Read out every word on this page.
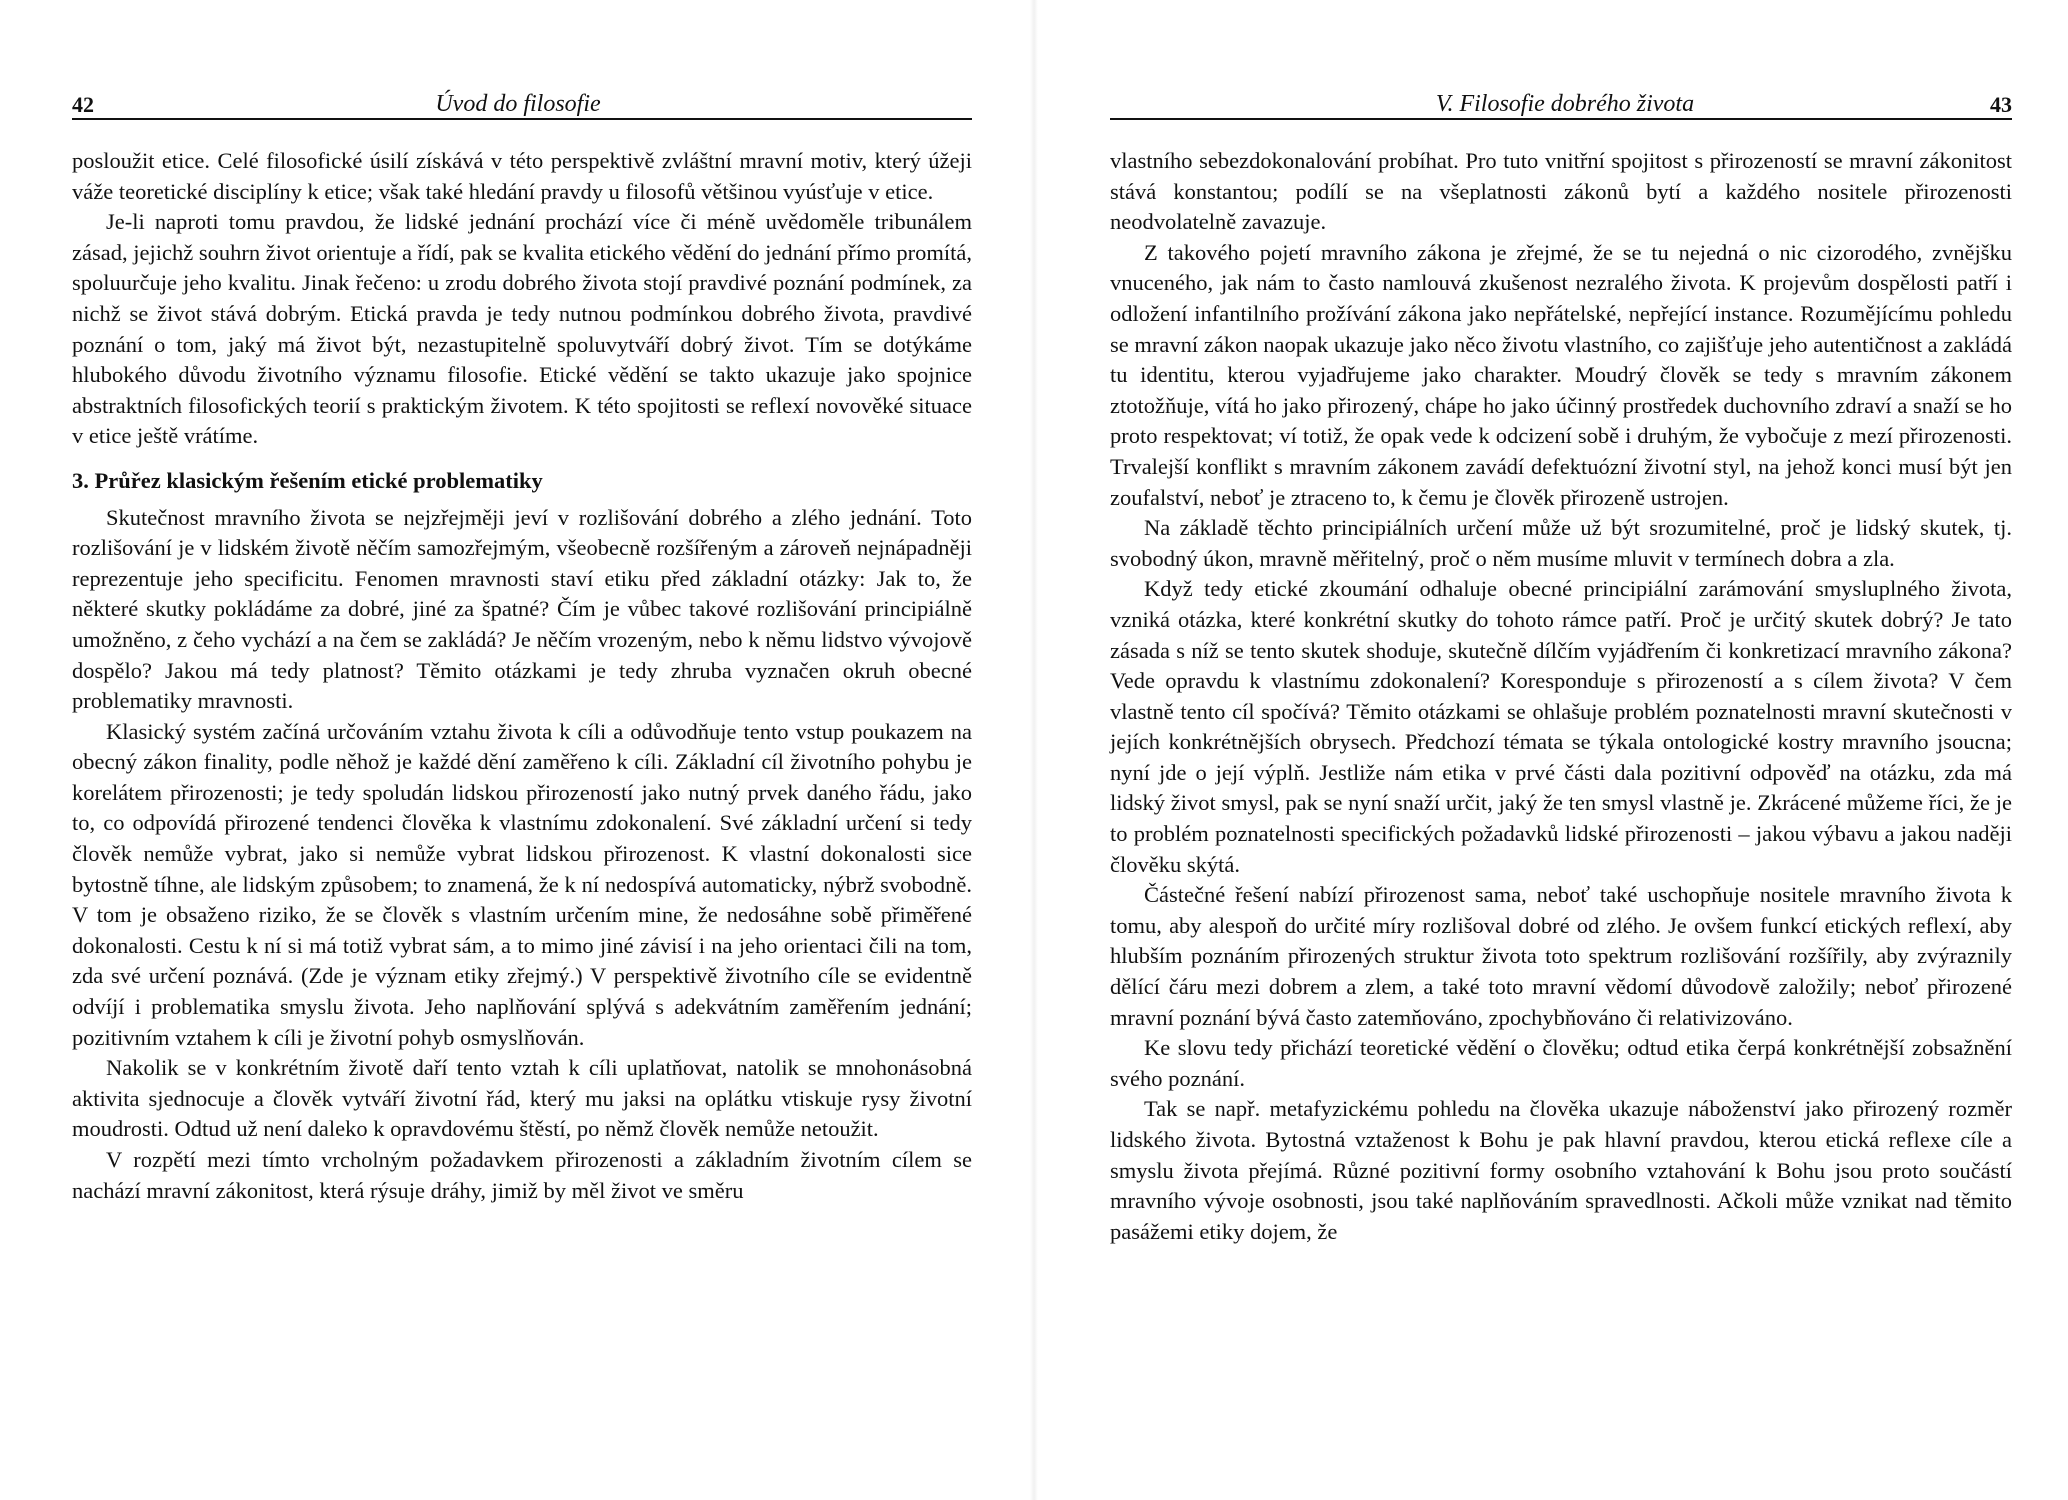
42	Úvod do filosofie

posloužit etice. Celé filosofické úsilí získává v této perspektivě zvláštní mravní motiv, který úžeji váže teoretické disciplíny k etice; však také hledání pravdy u filosofů většinou vyúsťuje v etice.

Je-li naproti tomu pravdou, že lidské jednání prochází více či méně uvědoměle tribunálem zásad, jejichž souhrn život orientuje a řídí, pak se kvalita etického vědění do jednání přímo promítá, spoluurčuje jeho kvalitu. Jinak řečeno: u zrodu dobrého života stojí pravdivé poznání podmínek, za nichž se život stává dobrým. Etická pravda je tedy nutnou podmínkou dobrého života, pravdivé poznání o tom, jaký má život být, nezastupitelně spoluvytváří dobrý život. Tím se dotýkáme hlubokého důvodu životního významu filosofie. Etické vědění se takto ukazuje jako spojnice abstraktních filosofických teorií s praktickým životem. K této spojitosti se reflexí novověké situace v etice ještě vrátíme.

3. Průřez klasickým řešením etické problematiky

Skutečnost mravního života se nejzřejměji jeví v rozlišování dobrého a zlého jednání. Toto rozlišování je v lidském životě něčím samozřejmým, všeobecně rozšířeným a zároveň nejnápadněji reprezentuje jeho specificitu. Fenomen mravnosti staví etiku před základní otázky: Jak to, že některé skutky pokládáme za dobré, jiné za špatné? Čím je vůbec takové rozlišování principiálně umožněno, z čeho vychází a na čem se zakládá? Je něčím vrozeným, nebo k němu lidstvo vývojově dospělo? Jakou má tedy platnost? Těmito otázkami je tedy zhruba vyznačen okruh obecné problematiky mravnosti.

Klasický systém začíná určováním vztahu života k cíli a odůvodňuje tento vstup poukazem na obecný zákon finality, podle něhož je každé dění zaměřeno k cíli. Základní cíl životního pohybu je korelátem přirozenosti; je tedy spoludán lidskou přirozeností jako nutný prvek daného řádu, jako to, co odpovídá přirozené tendenci člověka k vlastnímu zdokonalení. Své základní určení si tedy člověk nemůže vybrat, jako si nemůže vybrat lidskou přirozenost. K vlastní dokonalosti sice bytostně tíhne, ale lidským způsobem; to znamená, že k ní nedospívá automaticky, nýbrž svobodně. V tom je obsaženo riziko, že se člověk s vlastním určením mine, že nedosáhne sobě přiměřené dokonalosti. Cestu k ní si má totiž vybrat sám, a to mimo jiné závisí i na jeho orientaci čili na tom, zda své určení poznává. (Zde je význam etiky zřejmý.) V perspektivě životního cíle se evidentně odvíjí i problematika smyslu života. Jeho naplňování splývá s adekvátním zaměřením jednání; pozitivním vztahem k cíli je životní pohyb osmyslňován.

Nakolik se v konkrétním životě daří tento vztah k cíli uplatňovat, natolik se mnohonásobná aktivita sjednocuje a člověk vytváří životní řád, který mu jaksi na oplátku vtiskuje rysy životní moudrosti. Odtud už není daleko k opravdovému štěstí, po němž člověk nemůže netoužit.

V rozpětí mezi tímto vrcholným požadavkem přirozenosti a základním životním cílem se nachází mravní zákonitost, která rýsuje dráhy, jimiž by měl život ve směru

V. Filosofie dobrého života	43

vlastního sebezdokonalování probíhat. Pro tuto vnitřní spojitost s přirozeností se mravní zákonitost stává konstantou; podílí se na všeplatnosti zákonů bytí a každého nositele přirozenosti neodvolatelně zavazuje.

Z takového pojetí mravního zákona je zřejmé, že se tu nejedná o nic cizorodého, zvnějšku vnuceného, jak nám to často namlouvá zkušenost nezralého života. K projevům dospělosti patří i odložení infantilního prožívání zákona jako nepřátelské, nepřející instance. Rozumějícímu pohledu se mravní zákon naopak ukazuje jako něco životu vlastního, co zajišťuje jeho autentičnost a zakládá tu identitu, kterou vyjadřujeme jako charakter. Moudrý člověk se tedy s mravním zákonem ztotožňuje, vítá ho jako přirozený, chápe ho jako účinný prostředek duchovního zdraví a snaží se ho proto respektovat; ví totiž, že opak vede k odcizení sobě i druhým, že vybočuje z mezí přirozenosti. Trvalejší konflikt s mravním zákonem zavádí defektuózní životní styl, na jehož konci musí být jen zoufalství, neboť je ztraceno to, k čemu je člověk přirozeně ustrojen.

Na základě těchto principiálních určení může už být srozumitelné, proč je lidský skutek, tj. svobodný úkon, mravně měřitelný, proč o něm musíme mluvit v termínech dobra a zla.

Když tedy etické zkoumání odhaluje obecné principiální zarámování smysluplného života, vzniká otázka, které konkrétní skutky do tohoto rámce patří. Proč je určitý skutek dobrý? Je tato zásada s níž se tento skutek shoduje, skutečně dílčím vyjádřením či konkretizací mravního zákona? Vede opravdu k vlastnímu zdokonalení? Koresponduje s přirozeností a s cílem života? V čem vlastně tento cíl spočívá? Těmito otázkami se ohlašuje problém poznatelnosti mravní skutečnosti v jejích konkrétnějších obrysech. Předchozí témata se týkala ontologické kostry mravního jsoucna; nyní jde o její výplň. Jestliže nám etika v prvé části dala pozitivní odpověď na otázku, zda má lidský život smysl, pak se nyní snaží určit, jaký že ten smysl vlastně je. Zkrácené můžeme říci, že je to problém poznatelnosti specifických požadavků lidské přirozenosti – jakou výbavu a jakou naději člověku skýtá.

Částečné řešení nabízí přirozenost sama, neboť také uschopňuje nositele mravního života k tomu, aby alespoň do určité míry rozlišoval dobré od zlého. Je ovšem funkcí etických reflexí, aby hlubším poznáním přirozených struktur života toto spektrum rozlišování rozšířily, aby zvýraznily dělící čáru mezi dobrem a zlem, a také toto mravní vědomí důvodově založily; neboť přirozené mravní poznání bývá často zatemňováno, zpochybňováno či relativizováno.

Ke slovu tedy přichází teoretické vědění o člověku; odtud etika čerpá konkrétnější zobsažnění svého poznání.

Tak se např. metafyzickému pohledu na člověka ukazuje náboženství jako přirozený rozměr lidského života. Bytostná vztaženost k Bohu je pak hlavní pravdou, kterou etická reflexe cíle a smyslu života přejímá. Různé pozitivní formy osobního vztahování k Bohu jsou proto součástí mravního vývoje osobnosti, jsou také naplňováním spravedlnosti. Ačkoli může vznikat nad těmito pasážemi etiky dojem, že
